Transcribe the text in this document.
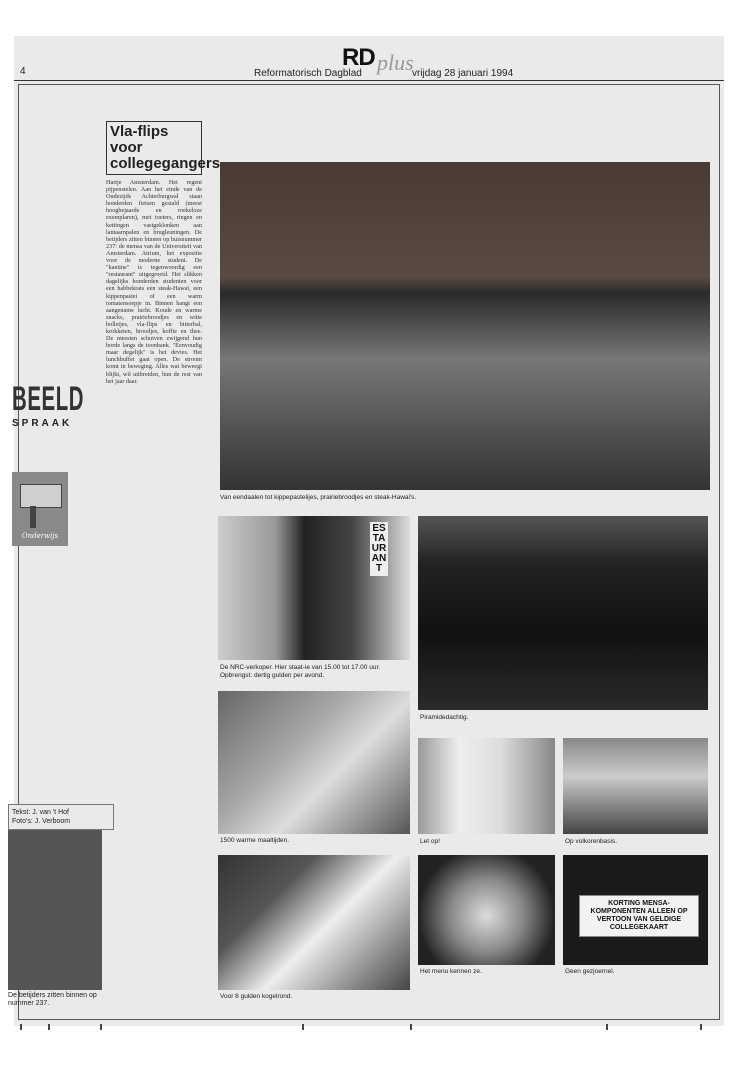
RD plus
4	Reformatorisch Dagblad	vrijdag 28 januari 1994
BEELD
SPRAAK
Onderwijs
Vla-flips voor collegegangers
Hartje Amsterdam. Het regent pijpenstelen. Aan het einde van de Oudezijds Achterburgwal staan honderden fietsen gestald (meest hoogbejaarde en roekeloze exemplaren), met toeters, ringen en kettingen vastgeklonken aan lantaarnpalen en brugleuningen. De betijders zitten binnen op huisnummer 237: de mensa van de Universiteit van Amsterdam. Atrium, het expositie voor de moderne student. De "kantine" is tegenwoordig een "restaurant" uitgegroeid. Het slikken dagelijks honderden studenten voor een habbekrats een steak-Hawaï, een kippenpastei of een warm tomatensoepje in. Binnen hangt een aangename lucht. Koude en warme snacks, prairiebroodjes en witte bolletjes, vla-flips en bitterbal, krokketen, broodjes, koffie en thee. De meesten schuiven zwijgend hun borde langs de toonbank. "Eenvoudig maar degelijk" is het devies. Het lunchbuffet gaat open. De stroom komt in beweging. Alles wat beweegt blijkt, wil uitbreiden, hun de rest van het jaar daar.
Tekst: J. van 't Hof
Foto's: J. Verboom
De betijders zitten binnen op nummer 237.
Van eendaalen tot kippepastelijes, prairiebroodjes en steak-Hawai's.
ESTAURANT
De NRC-verkoper. Hier staat-ie van 15.00 tot 17.00 uur. Opbrengst: dertig gulden per avond.
Piramidedachtig.
1500 warme maaltijden.	Let op!	Op volkorenbasis.
Voor 8 gulden kogelrond.
Het menu kennen ze.
KORTING MENSA-KOMPONENTEN ALLEEN OP VERTOON VAN GELDIGE COLLEGEKAART
Geen gezjoernel.
